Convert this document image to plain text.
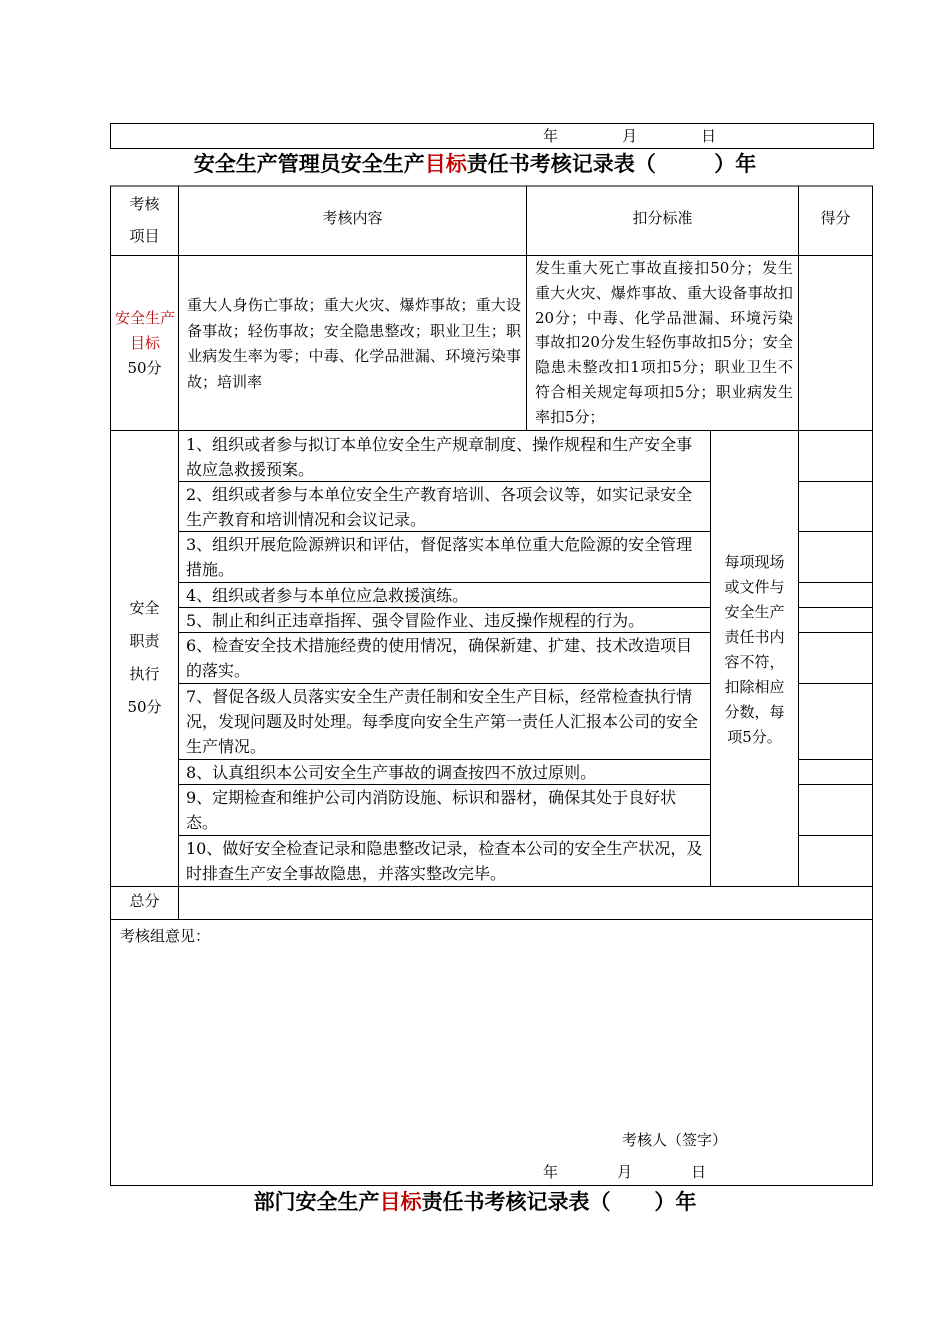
年    月    日
安全生产管理员安全生产目标责任书考核记录表（        ）年
考核项目
考核内容	扣分标准	得分
安全生产目标
50分
重大人身伤亡事故；重大火灾、爆炸事故；重大设备事故；轻伤事故；安全隐患整改；职业卫生；职业病发生率为零；中毒、化学品泄漏、环境污染事故；培训率
发生重大死亡事故直接扣50分；发生重大火灾、爆炸事故、重大设备事故扣20分；中毒、化学品泄漏、环境污染事故扣20分发生轻伤事故扣5分；安全隐患未整改扣1项扣5分；职业卫生不符合相关规定每项扣5分；职业病发生率扣5分；
安全
职责
执行
50分
1、组织或者参与拟订本单位安全生产规章制度、操作规程和生产安全事故应急救援预案。
2、组织或者参与本单位安全生产教育培训、各项会议等，如实记录安全生产教育和培训情况和会议记录。
3、组织开展危险源辨识和评估，督促落实本单位重大危险源的安全管理措施。
4、组织或者参与本单位应急救援演练。
5、制止和纠正违章指挥、强令冒险作业、违反操作规程的行为。
6、检查安全技术措施经费的使用情况，确保新建、扩建、技术改造项目的落实。
7、督促各级人员落实安全生产责任制和安全生产目标，经常检查执行情况，发现问题及时处理。每季度向安全生产第一责任人汇报本公司的安全生产情况。
8、认真组织本公司安全生产事故的调查按四不放过原则。
9、定期检查和维护公司内消防设施、标识和器材，确保其处于良好状态。
10、做好安全检查记录和隐患整改记录，检查本公司的安全生产状况，及时排查生产安全事故隐患，并落实整改完毕。
每项现场
或文件与
安全生产
责任书内
容不符，
扣除相应
分数，每
项5分。
总分
考核组意见：
考核人（签字）
年    月    日
部门安全生产目标责任书考核记录表（      ）年
